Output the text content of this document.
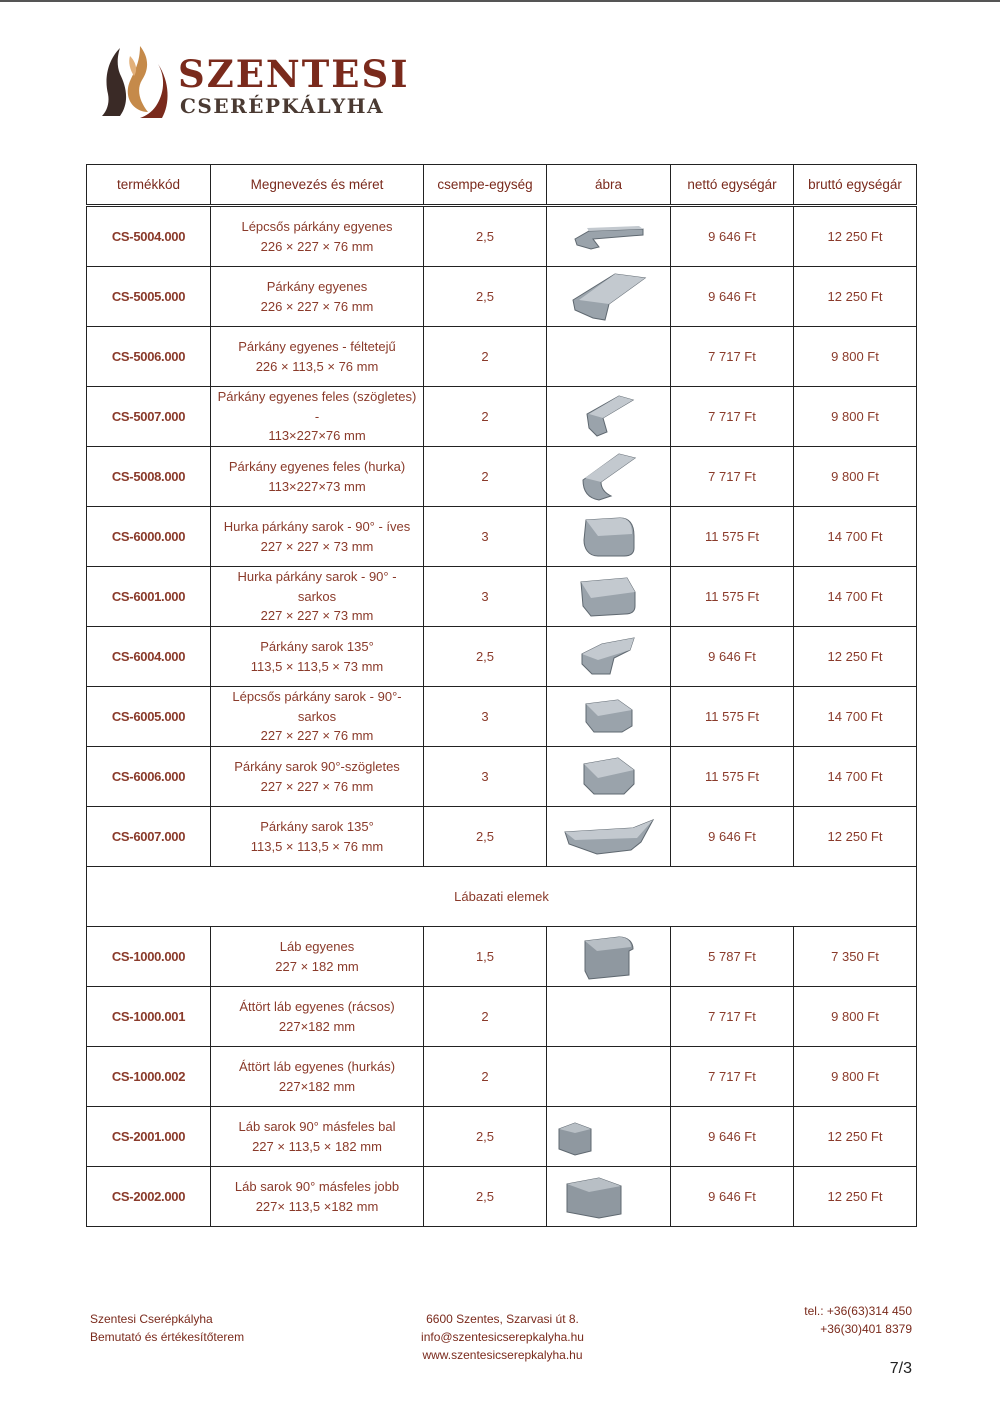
SZENTESI
CSERÉPKÁLYHA
termékkód	Megnevezés és méret	csempe-egység	ábra	nettó egységár	bruttó egységár
CS-5004.000	Lépcsős párkány egyenes
226 × 227 × 76 mm	2,5		9 646 Ft	12 250 Ft
CS-5005.000	Párkány egyenes
226 × 227 × 76 mm	2,5		9 646 Ft	12 250 Ft
CS-5006.000	Párkány egyenes - féltetejű
226 × 113,5 × 76 mm	2		7 717 Ft	9 800 Ft
CS-5007.000	Párkány egyenes feles (szögletes)
-
113×227×76 mm	2		7 717 Ft	9 800 Ft
CS-5008.000	Párkány egyenes feles (hurka)
113×227×73 mm	2		7 717 Ft	9 800 Ft
CS-6000.000	Hurka párkány sarok - 90° - íves
227 × 227 × 73 mm	3		11 575 Ft	14 700 Ft
CS-6001.000	Hurka párkány sarok - 90° -
sarkos
227 × 227 × 73 mm	3		11 575 Ft	14 700 Ft
CS-6004.000	Párkány sarok 135°
113,5 × 113,5 × 73 mm	2,5		9 646 Ft	12 250 Ft
CS-6005.000	Lépcsős párkány sarok - 90°-
sarkos
227 × 227 × 76 mm	3		11 575 Ft	14 700 Ft
CS-6006.000	Párkány sarok 90°-szögletes
227 × 227 × 76 mm	3		11 575 Ft	14 700 Ft
CS-6007.000	Párkány sarok 135°
113,5 × 113,5 × 76 mm	2,5		9 646 Ft	12 250 Ft
Lábazati elemek					
CS-1000.000	Láb egyenes
227 × 182 mm	1,5		5 787 Ft	7 350 Ft
CS-1000.001	Áttört láb egyenes (rácsos)
227×182 mm	2		7 717 Ft	9 800 Ft
CS-1000.002	Áttört láb egyenes (hurkás)
227×182 mm	2		7 717 Ft	9 800 Ft
CS-2001.000	Láb sarok 90° másfeles bal
227 × 113,5 × 182 mm	2,5		9 646 Ft	12 250 Ft
CS-2002.000	Láb sarok 90° másfeles jobb
227× 113,5 ×182 mm	2,5		9 646 Ft	12 250 Ft
Szentesi Cserépkályha
Bemutató és értékesítőterem
6600 Szentes, Szarvasi út 8.
info@szentesicserepkalyha.hu
www.szentesicserepkalyha.hu
tel.: +36(63)314 450
+36(30)401 8379
7/3
